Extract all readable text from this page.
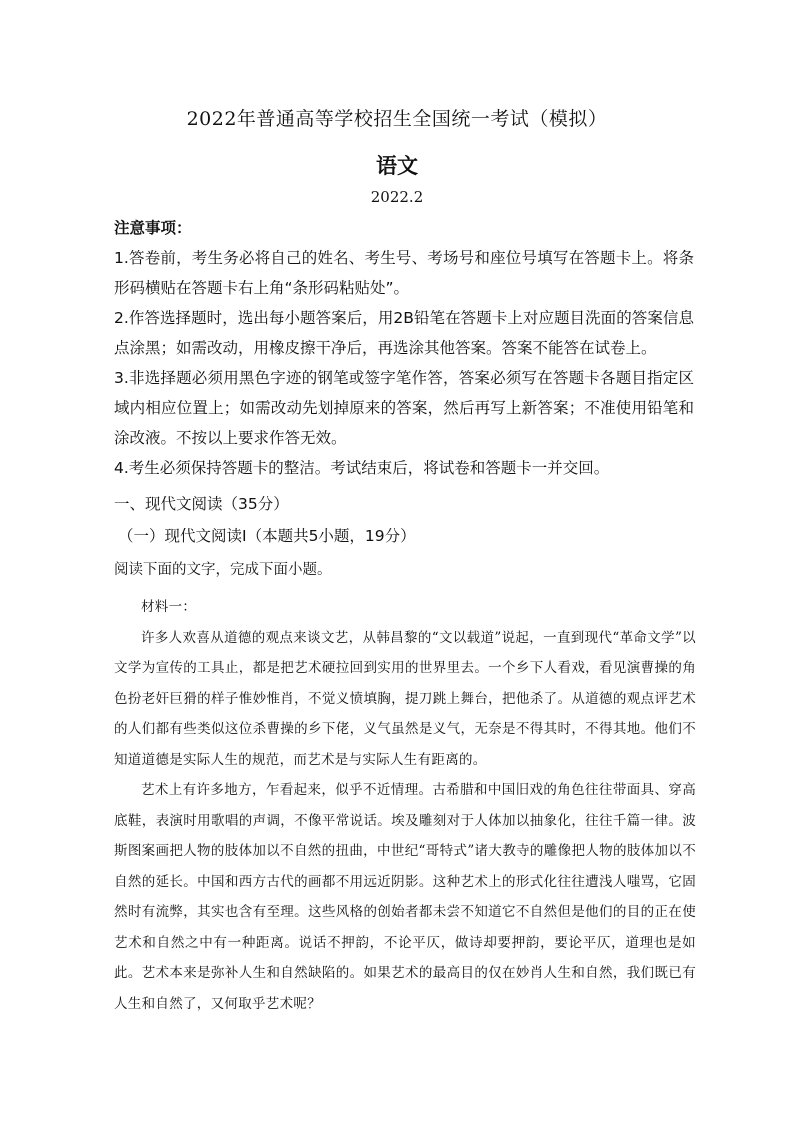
2022年普通高等学校招生全国统一考试（模拟）
语文
2022.2
注意事项：

1.答卷前，考生务必将自己的姓名、考生号、考场号和座位号填写在答题卡上。将条形码横贴在答题卡右上角“条形码粘贴处”。

2.作答选择题时，选出每小题答案后，用2B铅笔在答题卡上对应题目洗面的答案信息点涂黑；如需改动，用橡皮擦干净后，再选涂其他答案。答案不能答在试卷上。

3.非选择题必须用黑色字迹的钢笔或签字笔作答，答案必须写在答题卡各题目指定区域内相应位置上；如需改动先划掉原来的答案，然后再写上新答案；不准使用铅笔和涂改液。不按以上要求作答无效。

4.考生必须保持答题卡的整洁。考试结束后，将试卷和答题卡一并交回。

一、现代文阅读（35分）
（一）现代文阅读Ⅰ（本题共5小题，19分）
阅读下面的文字，完成下面小题。

材料一：

许多人欢喜从道德的观点来谈文艺，从韩昌黎的“文以载道”说起，一直到现代“革命文学”以文学为宣传的工具止，都是把艺术硬拉回到实用的世界里去。一个乡下人看戏，看见演曹操的角色扮老奸巨猾的样子惟妙惟肖，不觉义愤填胸，提刀跳上舞台，把他杀了。从道德的观点评艺术的人们都有些类似这位杀曹操的乡下佬，义气虽然是义气，无奈是不得其时，不得其地。他们不知道道德是实际人生的规范，而艺术是与实际人生有距离的。

艺术上有许多地方，乍看起来，似乎不近情理。古希腊和中国旧戏的角色往往带面具、穿高底鞋，表演时用歌唱的声调，不像平常说话。埃及雕刻对于人体加以抽象化，往往千篇一律。波斯图案画把人物的肢体加以不自然的扭曲，中世纪“哥特式”诸大教寺的雕像把人物的肢体加以不自然的延长。中国和西方古代的画都不用远近阴影。这种艺术上的形式化往往遭浅人嗤骂，它固然时有流弊，其实也含有至理。这些风格的创始者都未尝不知道它不自然但是他们的目的正在使艺术和自然之中有一种距离。说话不押韵，不论平仄，做诗却要押韵，要论平仄，道理也是如此。艺术本来是弥补人生和自然缺陷的。如果艺术的最高目的仅在妙肖人生和自然，我们既已有人生和自然了，又何取乎艺术呢？
